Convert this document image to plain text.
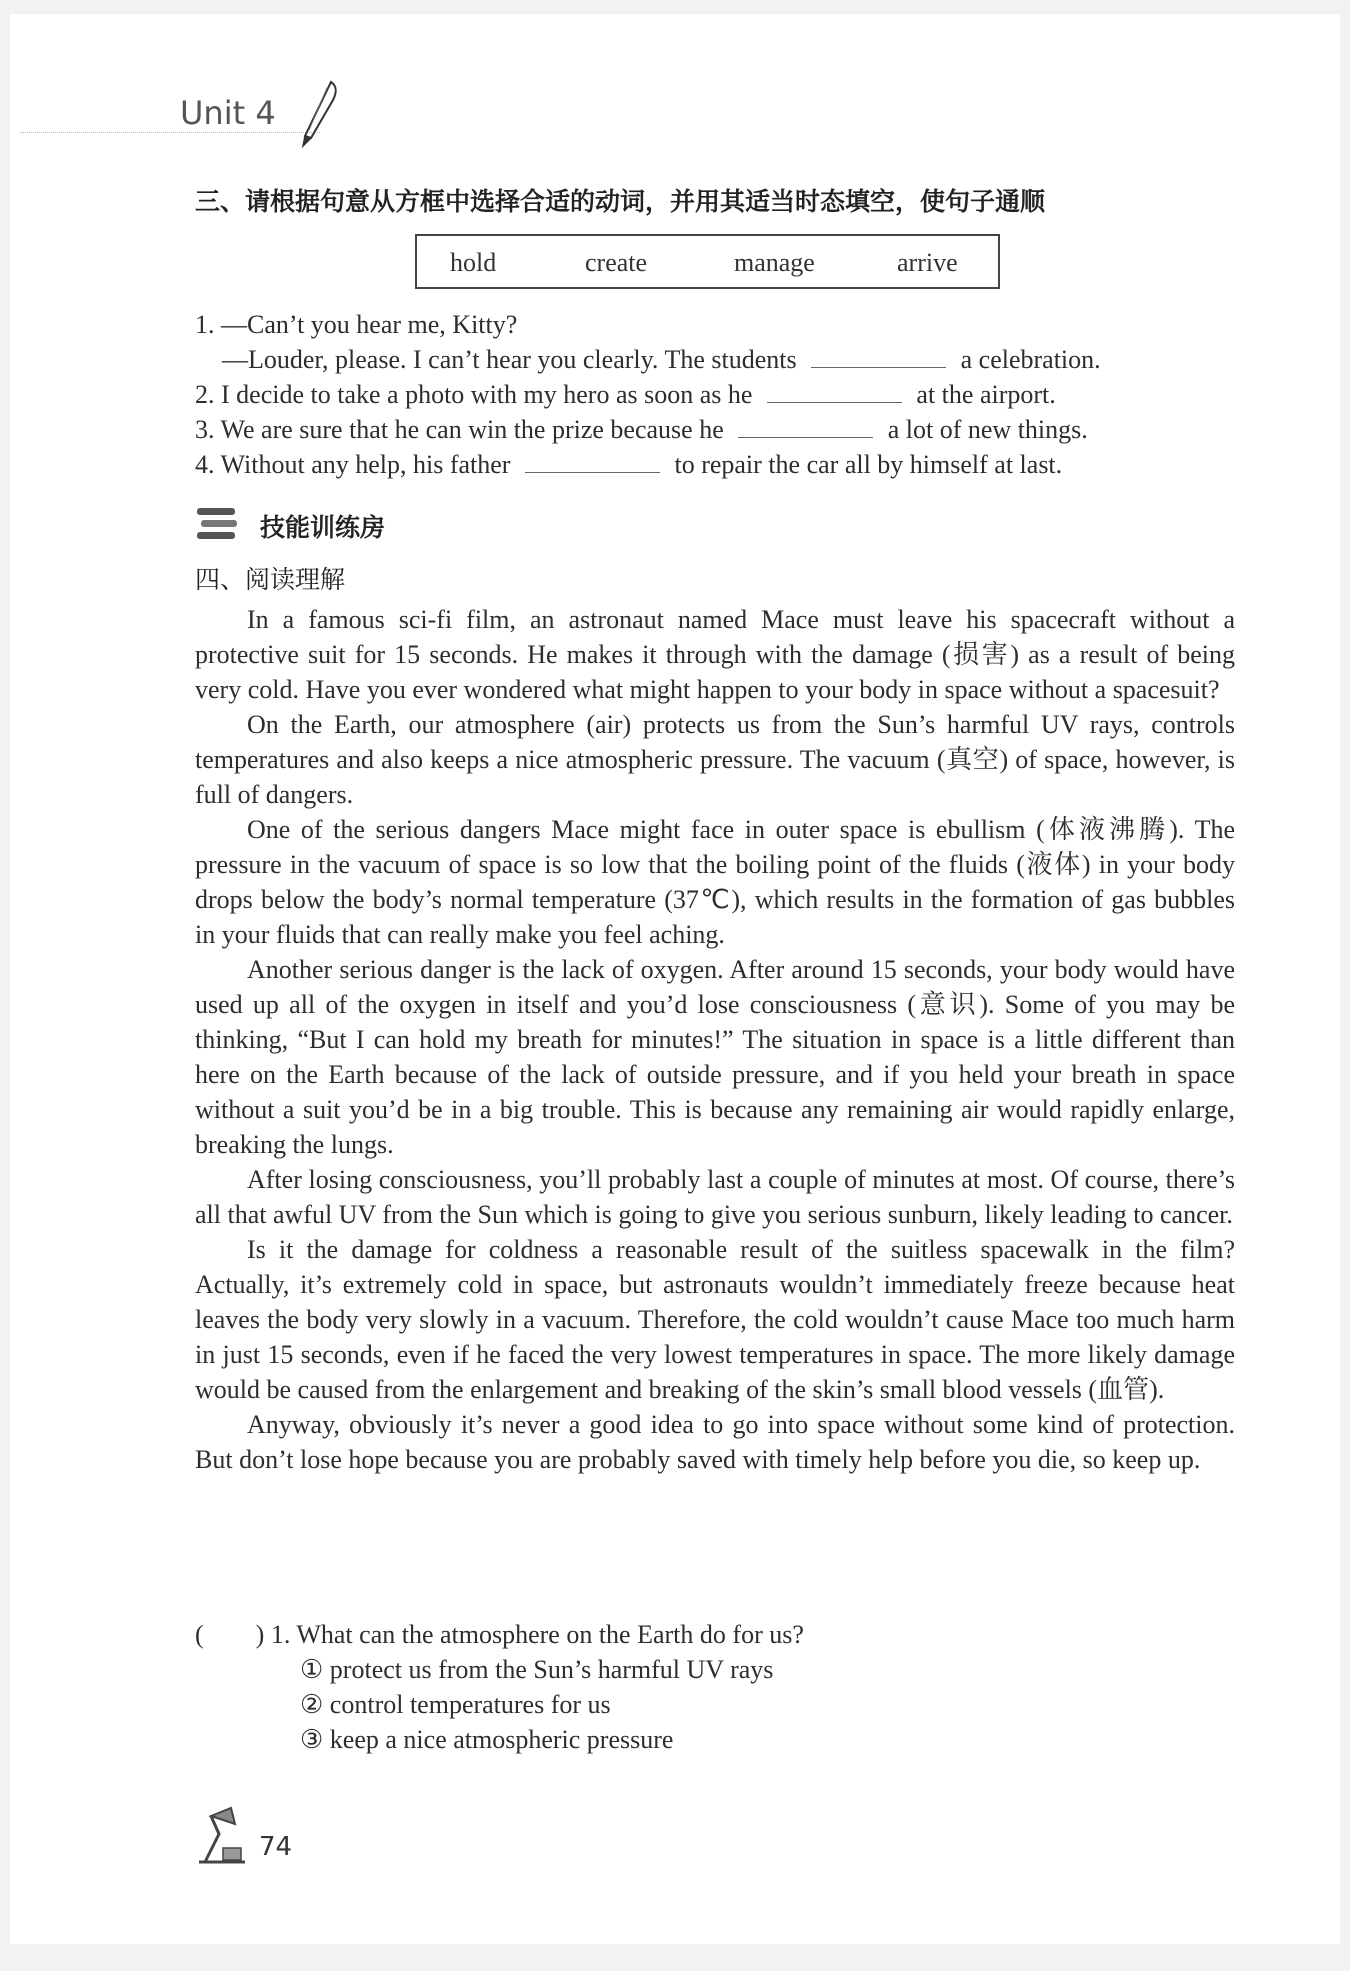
Unit 4
三、请根据句意从方框中选择合适的动词，并用其适当时态填空，使句子通顺
hold	create	manage	arrive
1. —Can’t you hear me, Kitty?
—Louder, please. I can’t hear you clearly. The students	a celebration.
2. I decide to take a photo with my hero as soon as he	at the airport.
3. We are sure that he can win the prize because he	a lot of new things.
4. Without any help, his father	to repair the car all by himself at last.
技能训练房
四、阅读理解

In a famous sci-fi film, an astronaut named Mace must leave his spacecraft without a protective suit for 15 seconds. He makes it through with the damage (损害) as a result of being very cold. Have you ever wondered what might happen to your body in space without a spacesuit?

On the Earth, our atmosphere (air) protects us from the Sun’s harmful UV rays, controls temperatures and also keeps a nice atmospheric pressure. The vacuum (真空) of space, however, is full of dangers.

One of the serious dangers Mace might face in outer space is ebullism (体液沸腾). The pressure in the vacuum of space is so low that the boiling point of the fluids (液体) in your body drops below the body’s normal temperature (37℃), which results in the formation of gas bubbles in your fluids that can really make you feel aching.

Another serious danger is the lack of oxygen. After around 15 seconds, your body would have used up all of the oxygen in itself and you’d lose consciousness (意识). Some of you may be thinking, “But I can hold my breath for minutes!” The situation in space is a little different than here on the Earth because of the lack of outside pressure, and if you held your breath in space without a suit you’d be in a big trouble. This is because any remaining air would rapidly enlarge, breaking the lungs.

After losing consciousness, you’ll probably last a couple of minutes at most. Of course, there’s all that awful UV from the Sun which is going to give you serious sunburn, likely leading to cancer.

Is it the damage for coldness a reasonable result of the suitless spacewalk in the film? Actually, it’s extremely cold in space, but astronauts wouldn’t immediately freeze because heat leaves the body very slowly in a vacuum. Therefore, the cold wouldn’t cause Mace too much harm in just 15 seconds, even if he faced the very lowest temperatures in space. The more likely damage would be caused from the enlargement and breaking of the skin’s small blood vessels (血管).

Anyway, obviously it’s never a good idea to go into space without some kind of protection. But don’t lose hope because you are probably saved with timely help before you die, so keep up.

(        ) 1. What can the atmosphere on the Earth do for us?
① protect us from the Sun’s harmful UV rays
② control temperatures for us
③ keep a nice atmospheric pressure
74
